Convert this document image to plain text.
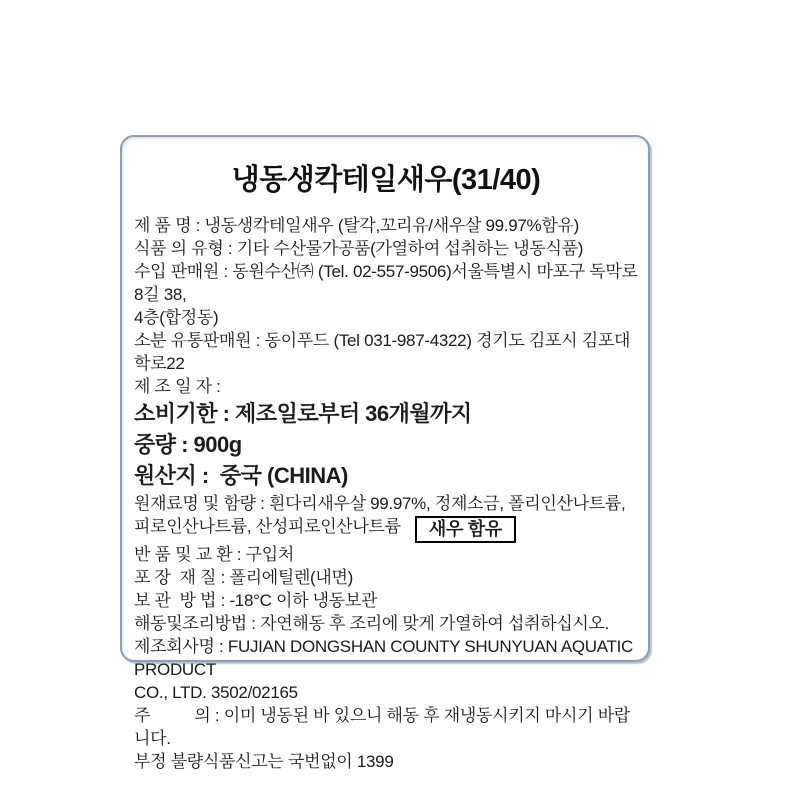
냉동생칵테일새우(31/40)

제 품 명 : 냉동생칵테일새우 (탈각,꼬리유/새우살 99.97%함유)

식품 의 유형 : 기타 수산물가공품(가열하여 섭취하는 냉동식품)

수입 판매원 : 동원수산㈜ (Tel. 02-557-9506)서울특별시 마포구 독막로8길 38,

4층(합정동)

소분 유통판매원 : 동이푸드 (Tel 031-987-4322) 경기도 김포시 김포대학로22

제 조 일 자 :

소비기한 : 제조일로부터 36개월까지

중량 : 900g

원산지 :  중국 (CHINA)

원재료명 및 함량 : 흰다리새우살 99.97%, 정제소금, 폴리인산나트륨,

피로인산나트륨, 산성피로인산나트륨 새우 함유

반 품 및 교 환 : 구입처

포 장  재 질 : 폴리에틸렌(내면)

보 관  방 법 : -18°C 이하 냉동보관

해동및조리방법 : 자연해동 후 조리에 맞게 가열하여 섭취하십시오.

제조회사명 : FUJIAN DONGSHAN COUNTY SHUNYUAN AQUATIC PRODUCT

CO., LTD. 3502/02165

주          의 : 이미 냉동된 바 있으니 해동 후 재냉동시키지 마시기 바랍니다.

부정 불량식품신고는 국번없이 1399
